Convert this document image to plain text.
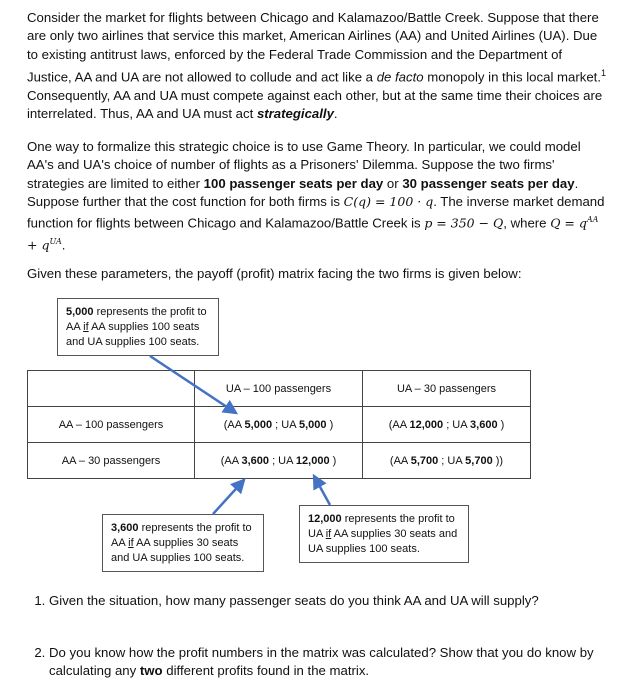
Consider the market for flights between Chicago and Kalamazoo/Battle Creek. Suppose that there are only two airlines that service this market, American Airlines (AA) and United Airlines (UA). Due to existing antitrust laws, enforced by the Federal Trade Commission and the Department of Justice, AA and UA are not allowed to collude and act like a de facto monopoly in this local market.$^1$ Consequently, AA and UA must compete against each other, but at the same time their choices are interrelated. Thus, AA and UA must act strategically.
One way to formalize this strategic choice is to use Game Theory. In particular, we could model AA's and UA's choice of number of flights as a Prisoners' Dilemma. Suppose the two firms' strategies are limited to either 100 passenger seats per day or 30 passenger seats per day. Suppose further that the cost function for both firms is C(q) = 100 · q. The inverse market demand function for flights between Chicago and Kalamazoo/Battle Creek is p = 350 − Q, where $Q = q^{AA} + q^{UA}$.
Given these parameters, the payoff (profit) matrix facing the two firms is given below:
5,000 represents the profit to AA if AA supplies 100 seats and UA supplies 100 seats.
	UA – 100 passengers	UA – 30 passengers
AA – 100 passengers	(AA 5,000 ; UA 5,000 )	(AA 12,000 ; UA 3,600 )
AA – 30 passengers	(AA 3,600 ; UA 12,000 )	(AA 5,700 ; UA 5,700 ))
3,600 represents the profit to AA if AA supplies 30 seats and UA supplies 100 seats.
12,000 represents the profit to UA if AA supplies 30 seats and UA supplies 100 seats.
1. Given the situation, how many passenger seats do you think AA and UA will supply?
2. Do you know how the profit numbers in the matrix was calculated? Show that you do know by calculating any two different profits found in the matrix.
